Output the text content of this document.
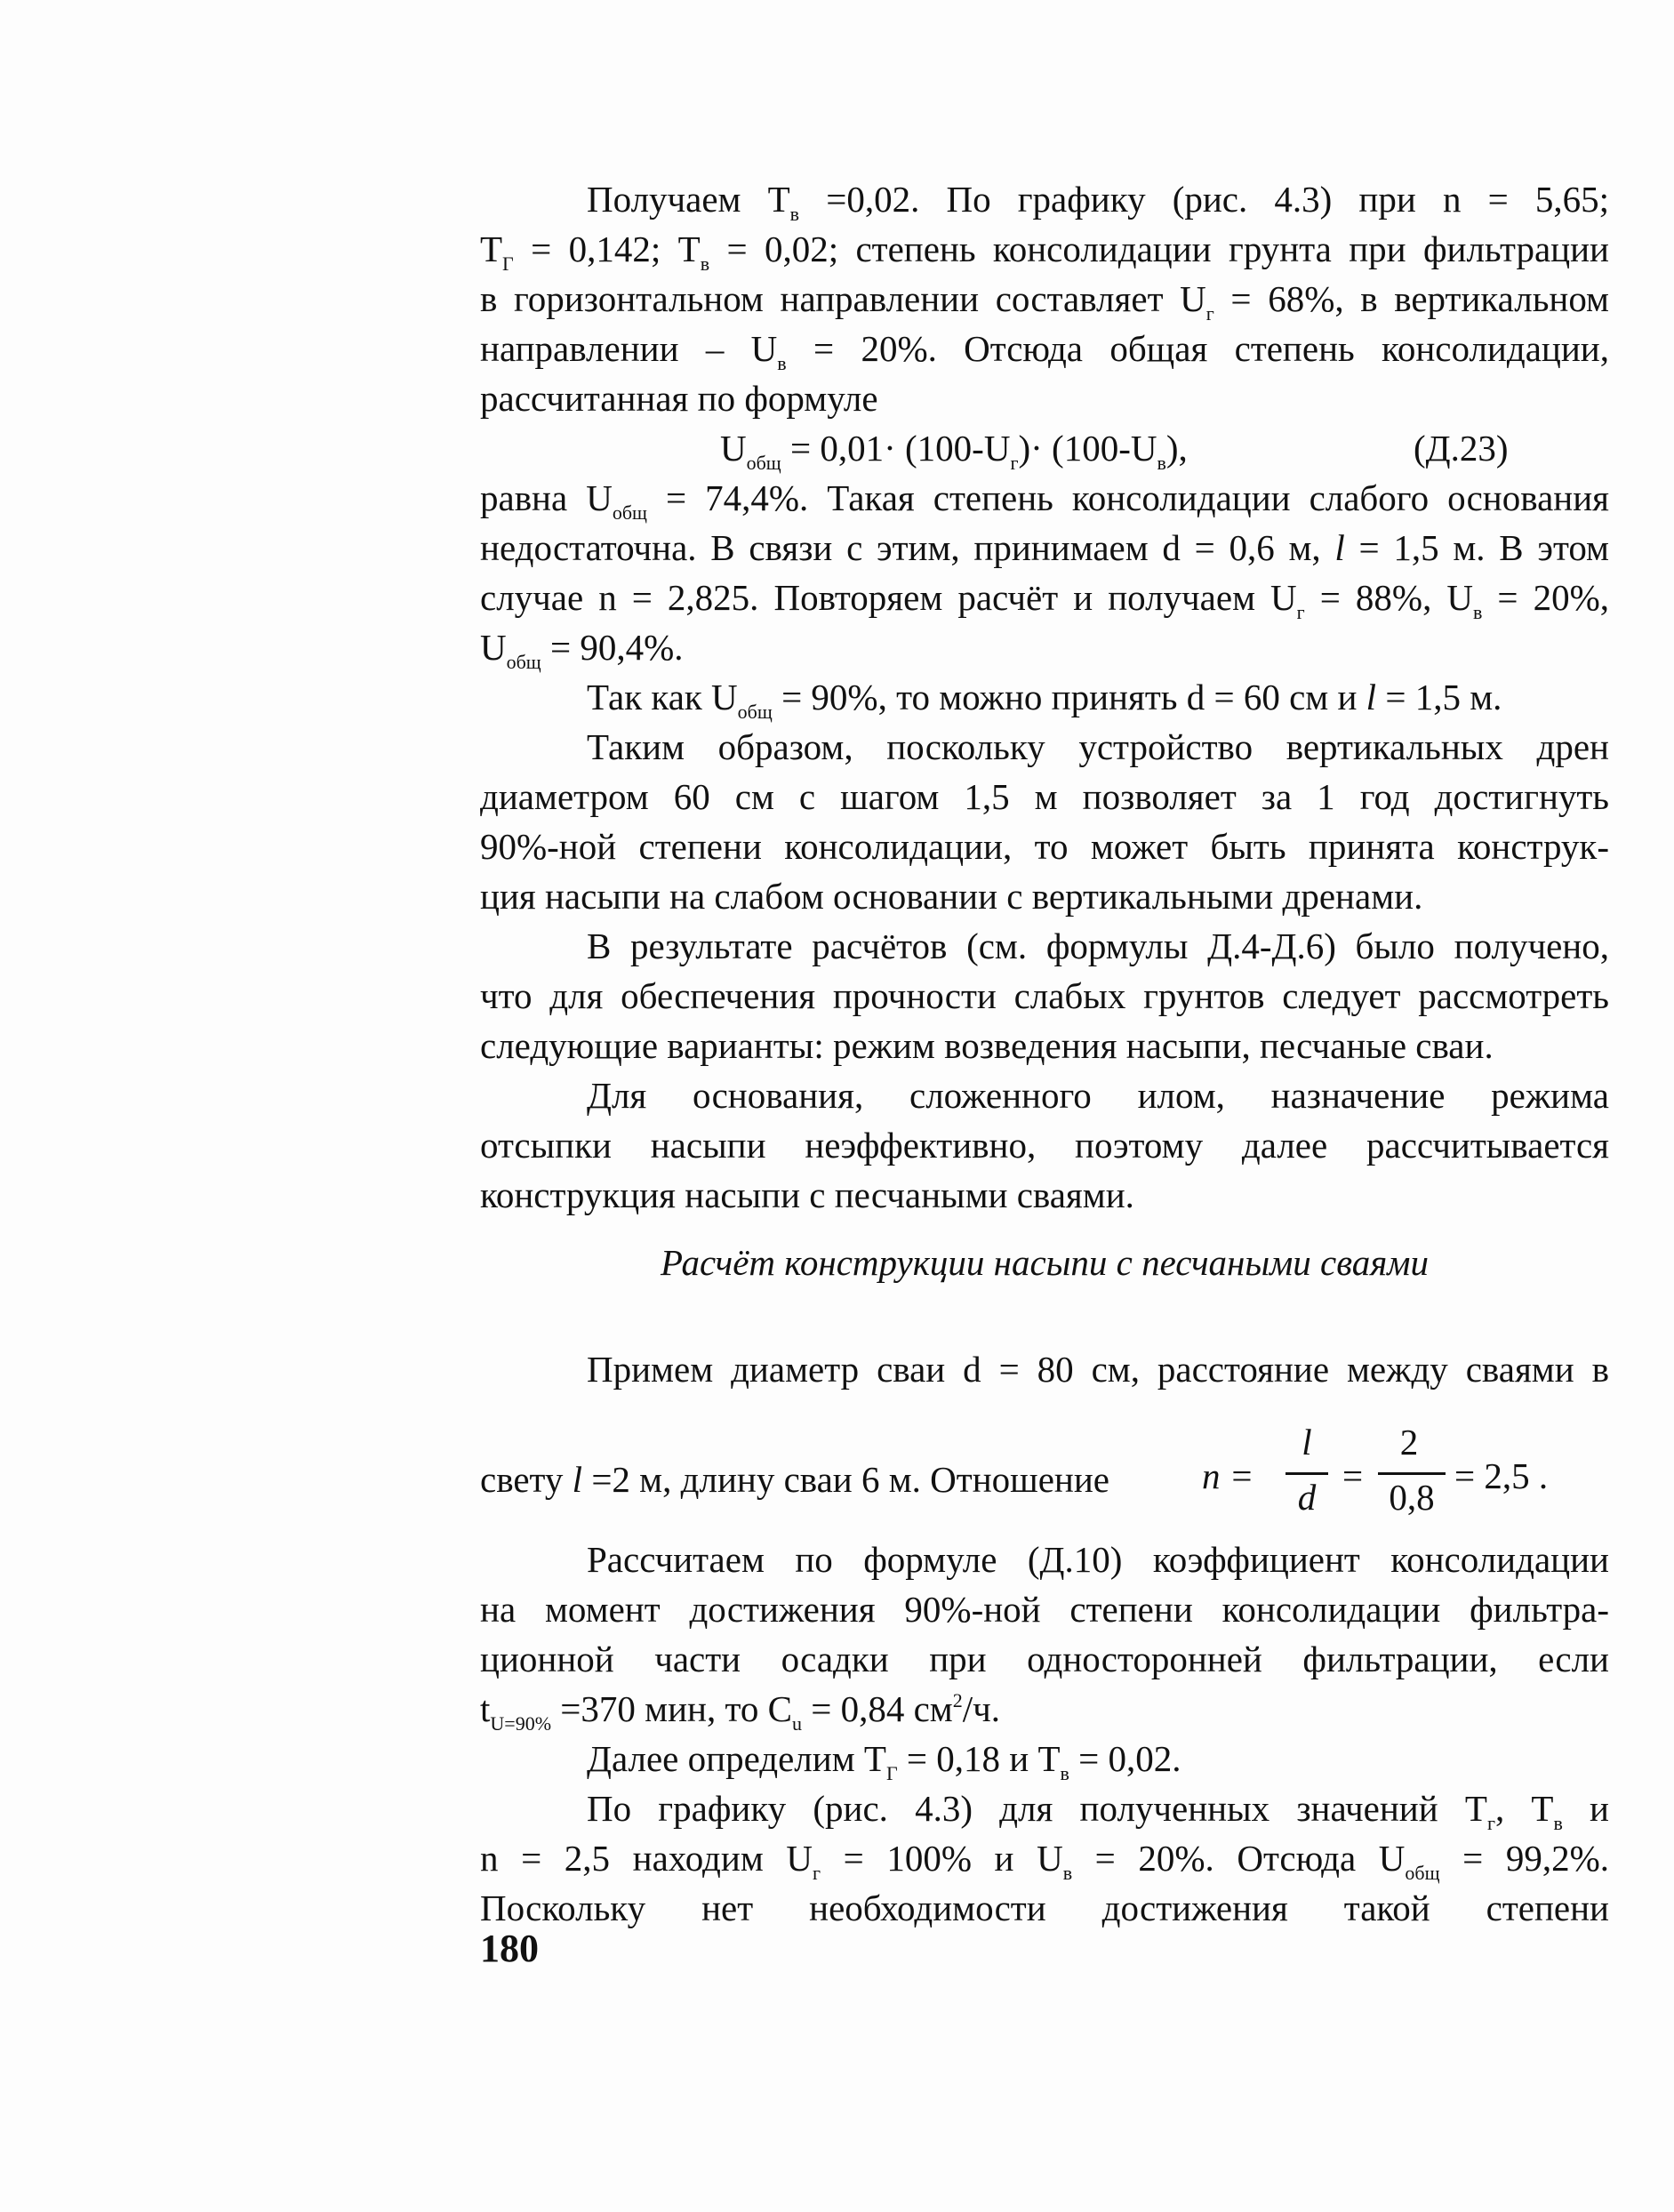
Получаем $T_в =0,02$. По графику (рис. 4.3) при n = 5,65;
$T_Г = 0,142$; $T_в = 0,02$; степень консолидации грунта при фильтрации
в горизонтальном направлении составляет $U_г = 68\%$, в вертикальном
направлении – $U_в = 20\%$. Отсюда общая степень консолидации,
рассчитанная по формуле
$U_{общ} = 0,01\cdot (100-U_г)\cdot (100-U_в)$,	(Д.23)
равна $U_{общ} = 74,4\%$. Такая степень консолидации слабого основания
недостаточна. В связи с этим, принимаем d = 0,6 м, l = 1,5 м. В этом
случае n = 2,825. Повторяем расчёт и получаем $U_г = 88\%$, $U_в = 20\%$,
$U_{общ} = 90,4\%$.
Так как $U_{общ} = 90\%$, то можно принять d = 60 см и l = 1,5 м.
Таким образом, поскольку устройство вертикальных дрен
диаметром 60 см с шагом 1,5 м позволяет за 1 год достигнуть
90%-ной степени консолидации, то может быть принята конструк-
ция насыпи на слабом основании с вертикальными дренами.
В результате расчётов (см. формулы Д.4-Д.6) было получено,
что для обеспечения прочности слабых грунтов следует рассмотреть
следующие варианты: режим возведения насыпи, песчаные сваи.
Для основания, сложенного илом, назначение режима
отсыпки насыпи неэффективно, поэтому далее рассчитывается
конструкция насыпи с песчаными сваями.
Расчёт конструкции насыпи с песчаными сваями
Примем диаметр сваи d = 80 см, расстояние между сваями в
свету l =2 м, длину сваи 6 м. Отношение	n =
l
d
=
2
0,8
= 2,5 .
Рассчитаем по формуле (Д.10) коэффициент консолидации
на момент достижения 90%-ной степени консолидации фильтра-
ционной части осадки при односторонней фильтрации, если
$t_{U=90\%} =370$ мин, то $C_u = 0,84$ $см^2/ч$.
Далее определим $T_Г = 0,18$ и $T_в = 0,02$.
По графику (рис. 4.3) для полученных значений $T_г$, $T_в$ и
n = 2,5 находим $U_г = 100\%$ и $U_в = 20\%$. Отсюда $U_{общ} = 99,2\%$.
Поскольку нет необходимости достижения такой степени
180
